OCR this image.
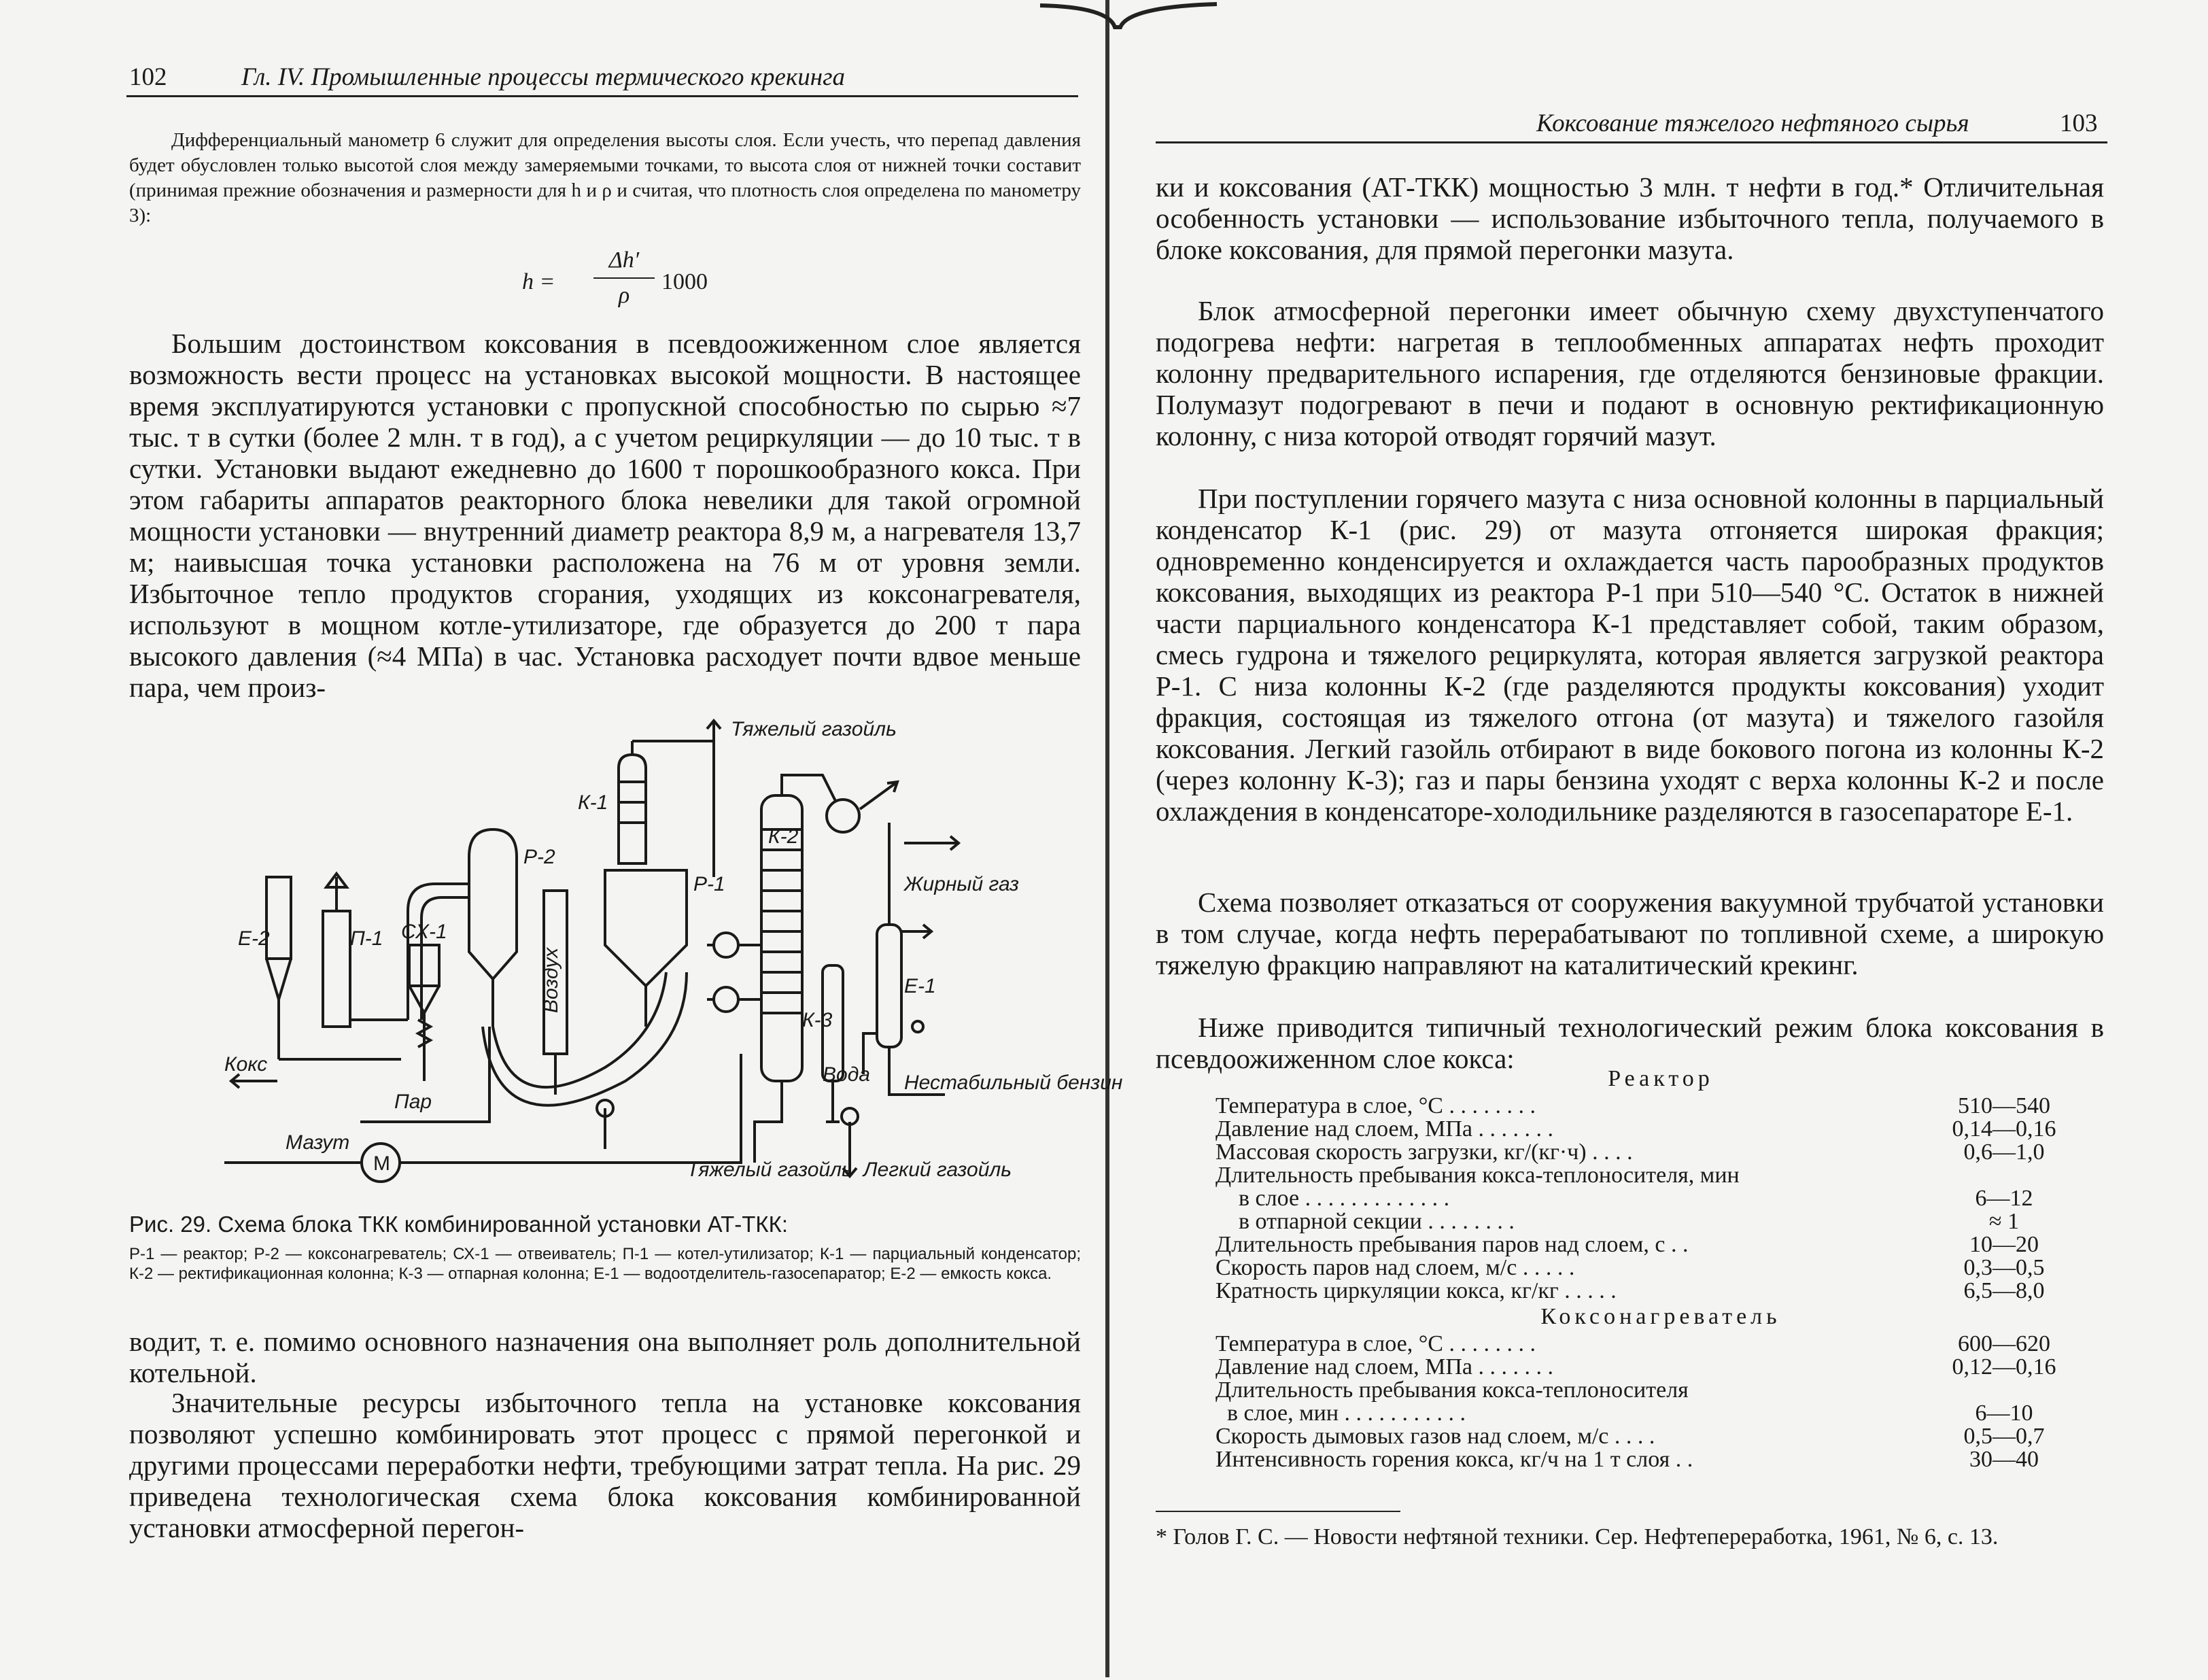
102	Гл. IV. Промышленные процессы термического крекинга
Дифференциальный манометр 6 служит для определения высоты слоя. Если учесть, что перепад давления будет обусловлен только высотой слоя между замеряемыми точками, то высота слоя от нижней точки составит (принимая прежние обозначения и размерности для h и ρ и считая, что плотность слоя определена по манометру 3):
h =
Δh′
ρ
1000
Большим достоинством коксования в псевдоожиженном слое является возможность вести процесс на установках высокой мощности. В настоящее время эксплуатируются установки с пропускной способностью по сырью ≈7 тыс. т в сутки (более 2 млн. т в год), а с учетом рециркуляции — до 10 тыс. т в сутки. Установки выдают ежедневно до 1600 т порошкообразного кокса. При этом габариты аппаратов реакторного блока невелики для такой огромной мощности установки — внутренний диаметр реактора 8,9 м, а нагревателя 13,7 м; наивысшая точка установки расположена на 76 м от уровня земли. Избыточное тепло продуктов сгорания, уходящих из коксонагревателя, используют в мощном котле-утилизаторе, где образуется до 200 т пара высокого давления (≈4 МПа) в час. Установка расходует почти вдвое меньше пара, чем произ-
Тяжелый газойль
К-1
К-2
Р-2
Р-1
СХ-1
П-1
Е-2
К-3
Е-1
Жирный газ
Воздух
Кокс
Пар
Вода Нестабильный бензин
Мазут
М	Тяжелый газойль Легкий газойль
Рис. 29. Схема блока ТКК комбинированной установки АТ-ТКК:
Р-1 — реактор; Р-2 — коксонагреватель; СХ-1 — отвеиватель; П-1 — котел-утилизатор; К-1 — парциальный конденсатор; К-2 — ректификационная колонна; К-3 — отпарная колонна; Е-1 — водоотделитель-газосепаратор; Е-2 — емкость кокса.
водит, т. е. помимо основного назначения она выполняет роль дополнительной котельной.
Значительные ресурсы избыточного тепла на установке коксования позволяют успешно комбинировать этот процесс с прямой перегонкой и другими процессами переработки нефти, требующими затрат тепла. На рис. 29 приведена технологическая схема блока коксования комбинированной установки атмосферной перегон-
Коксование тяжелого нефтяного сырья	103
ки и коксования (АТ-ТКК) мощностью 3 млн. т нефти в год.* Отличительная особенность установки — использование избыточного тепла, получаемого в блоке коксования, для прямой перегонки мазута.
Блок атмосферной перегонки имеет обычную схему двухступенчатого подогрева нефти: нагретая в теплообменных аппаратах нефть проходит колонну предварительного испарения, где отделяются бензиновые фракции. Полумазут подогревают в печи и подают в основную ректификационную колонну, с низа которой отводят горячий мазут.
При поступлении горячего мазута с низа основной колонны в парциальный конденсатор К-1 (рис. 29) от мазута отгоняется широкая фракция; одновременно конденсируется и охлаждается часть парообразных продуктов коксования, выходящих из реактора Р-1 при 510—540 °С. Остаток в нижней части парциального конденсатора К-1 представляет собой, таким образом, смесь гудрона и тяжелого рециркулята, которая является загрузкой реактора Р-1. С низа колонны К-2 (где разделяются продукты коксования) уходит фракция, состоящая из тяжелого отгона (от мазута) и тяжелого газойля коксования. Легкий газойль отбирают в виде бокового погона из колонны К-2 (через колонну К-3); газ и пары бензина уходят с верха колонны К-2 и после охлаждения в конденсаторе-холодильнике разделяются в газосепараторе Е-1.
Схема позволяет отказаться от сооружения вакуумной трубчатой установки в том случае, когда нефть перерабатывают по топливной схеме, а широкую тяжелую фракцию направляют на каталитический крекинг.
Ниже приводится типичный технологический режим блока коксования в псевдоожиженном слое кокса:
Реактор
Температура в слое, °С . . . . . . . .	510—540
Давление над слоем, МПа . . . . . . .	0,14—0,16
Массовая скорость загрузки, кг/(кг·ч) . . . .	0,6—1,0
Длительность пребывания кокса-теплоносителя, мин
в слое . . . . . . . . . . . . .	6—12
в отпарной секции . . . . . . . .	≈ 1
Длительность пребывания паров над слоем, с . .	10—20
Скорость паров над слоем, м/с . . . . .	0,3—0,5
Кратность циркуляции кокса, кг/кг . . . . .	6,5—8,0
Коксонагреватель
Температура в слое, °С . . . . . . . .	600—620
Давление над слоем, МПа . . . . . . .	0,12—0,16
Длительность пребывания кокса-теплоносителя
в слое, мин . . . . . . . . . . .	6—10
Скорость дымовых газов над слоем, м/с . . . .	0,5—0,7
Интенсивность горения кокса, кг/ч на 1 т слоя . .	30—40
* Голов Г. С. — Новости нефтяной техники. Сер. Нефтепереработка, 1961, № 6, с. 13.
